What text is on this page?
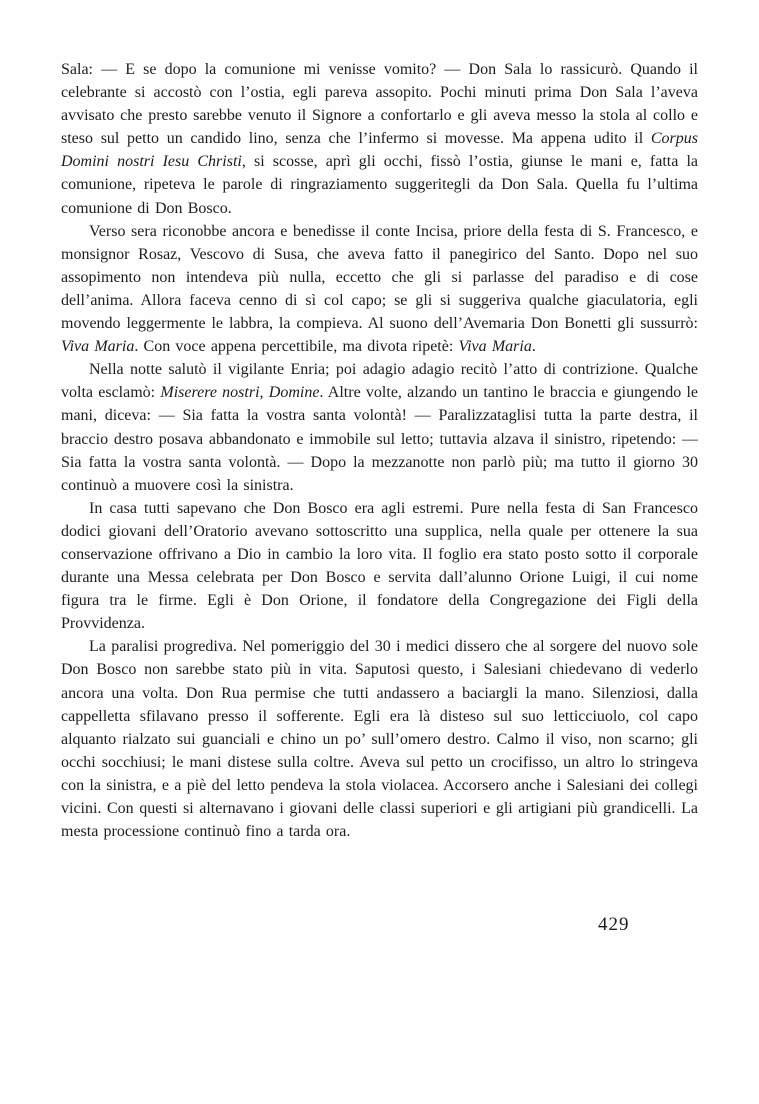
Sala: — E se dopo la comunione mi venisse vomito? — Don Sala lo rassicurò. Quando il celebrante si accostò con l’ostia, egli pareva assopito. Pochi minuti prima Don Sala l’aveva avvisato che presto sarebbe venuto il Signore a confortarlo e gli aveva messo la stola al collo e steso sul petto un candido lino, senza che l’infermo si movesse. Ma appena udito il Corpus Domini nostri Iesu Christi, si scosse, aprì gli occhi, fissò l’ostia, giunse le mani e, fatta la comunione, ripeteva le parole di ringraziamento suggeritegli da Don Sala. Quella fu l’ultima comunione di Don Bosco.

Verso sera riconobbe ancora e benedisse il conte Incisa, priore della festa di S. Francesco, e monsignor Rosaz, Vescovo di Susa, che aveva fatto il panegirico del Santo. Dopo nel suo assopimento non intendeva più nulla, eccetto che gli si parlasse del paradiso e di cose dell’anima. Allora faceva cenno di sì col capo; se gli si suggeriva qualche giaculatoria, egli movendo leggermente le labbra, la compieva. Al suono dell’Avemaria Don Bonetti gli sussurrò: Viva Maria. Con voce appena percettibile, ma divota ripetè: Viva Maria.

Nella notte salutò il vigilante Enria; poi adagio adagio recitò l’atto di contrizione. Qualche volta esclamò: Miserere nostri, Domine. Altre volte, alzando un tantino le braccia e giungendo le mani, diceva: — Sia fatta la vostra santa volontà! — Paralizzataglisi tutta la parte destra, il braccio destro posava abbandonato e immobile sul letto; tuttavia alzava il sinistro, ripetendo: — Sia fatta la vostra santa volontà. — Dopo la mezzanotte non parlò più; ma tutto il giorno 30 continuò a muovere così la sinistra.

In casa tutti sapevano che Don Bosco era agli estremi. Pure nella festa di San Francesco dodici giovani dell’Oratorio avevano sottoscritto una supplica, nella quale per ottenere la sua conservazione offrivano a Dio in cambio la loro vita. Il foglio era stato posto sotto il corporale durante una Messa celebrata per Don Bosco e servita dall’alunno Orione Luigi, il cui nome figura tra le firme. Egli è Don Orione, il fondatore della Congregazione dei Figli della Provvidenza.

La paralisi progrediva. Nel pomeriggio del 30 i medici dissero che al sorgere del nuovo sole Don Bosco non sarebbe stato più in vita. Saputosi questo, i Salesiani chiedevano di vederlo ancora una volta. Don Rua permise che tutti andassero a baciargli la mano. Silenziosi, dalla cappelletta sfilavano presso il sofferente. Egli era là disteso sul suo letticciuolo, col capo alquanto rialzato sui guanciali e chino un po’ sull’omero destro. Calmo il viso, non scarno; gli occhi socchiusi; le mani distese sulla coltre. Aveva sul petto un crocifisso, un altro lo stringeva con la sinistra, e a piè del letto pendeva la stola violacea. Accorsero anche i Salesiani dei collegi vicini. Con questi si alternavano i giovani delle classi superiori e gli artigiani più grandicelli. La mesta processione continuò fino a tarda ora.

429
